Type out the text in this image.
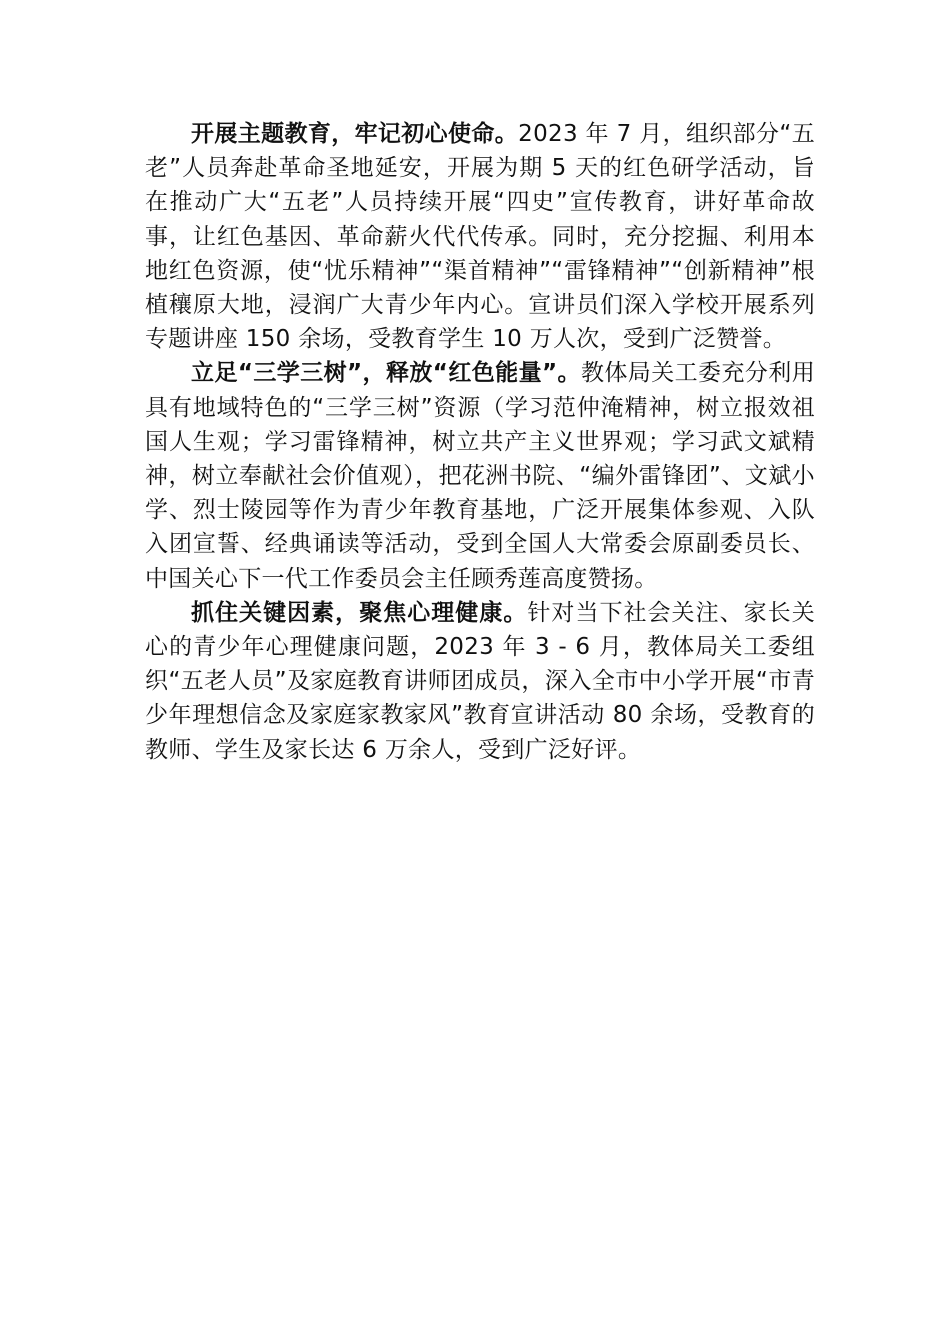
开展主题教育，牢记初心使命。2023 年 7 月，组织部分“五老”人员奔赴革命圣地延安，开展为期 5 天的红色研学活动，旨在推动广大“五老”人员持续开展“四史”宣传教育，讲好革命故事，让红色基因、革命薪火代代传承。同时，充分挖掘、利用本地红色资源，使“忧乐精神”“渠首精神”“雷锋精神”“创新精神”根植穰原大地，浸润广大青少年内心。宣讲员们深入学校开展系列专题讲座 150 余场，受教育学生 10 万人次，受到广泛赞誉。

立足“三学三树”，释放“红色能量”。教体局关工委充分利用具有地域特色的“三学三树”资源（学习范仲淹精神，树立报效祖国人生观；学习雷锋精神，树立共产主义世界观；学习武文斌精神，树立奉献社会价值观），把花洲书院、“编外雷锋团”、文斌小学、烈士陵园等作为青少年教育基地，广泛开展集体参观、入队入团宣誓、经典诵读等活动，受到全国人大常委会原副委员长、中国关心下一代工作委员会主任顾秀莲高度赞扬。

抓住关键因素，聚焦心理健康。针对当下社会关注、家长关心的青少年心理健康问题，2023 年 3 - 6 月，教体局关工委组织“五老人员”及家庭教育讲师团成员，深入全市中小学开展“市青少年理想信念及家庭家教家风”教育宣讲活动 80 余场，受教育的教师、学生及家长达 6 万余人，受到广泛好评。
